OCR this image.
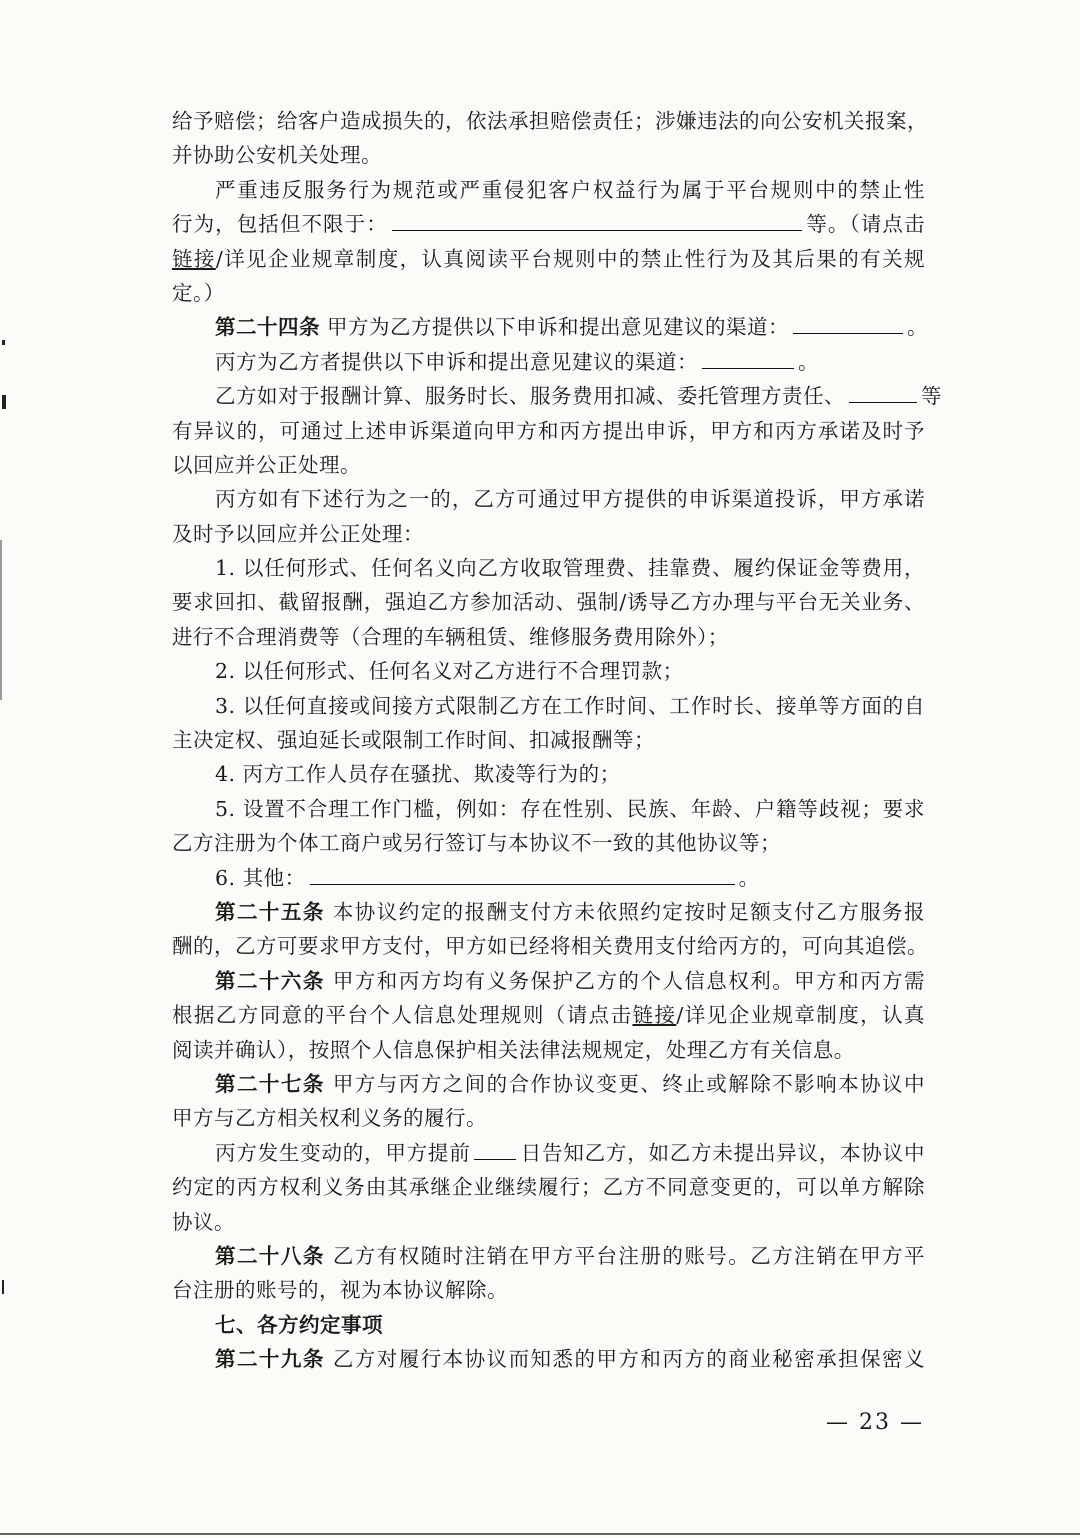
给予赔偿；给客户造成损失的，依法承担赔偿责任；涉嫌违法的向公安机关报案，
并协助公安机关处理。
严重违反服务行为规范或严重侵犯客户权益行为属于平台规则中的禁止性
行为，包括但不限于：	等。（请点击
链接/详见企业规章制度，认真阅读平台规则中的禁止性行为及其后果的有关规
定。）
第二十四条 甲方为乙方提供以下申诉和提出意见建议的渠道：	。
丙方为乙方者提供以下申诉和提出意见建议的渠道：	。
乙方如对于报酬计算、服务时长、服务费用扣减、委托管理方责任、	等
有异议的，可通过上述申诉渠道向甲方和丙方提出申诉，甲方和丙方承诺及时予
以回应并公正处理。
丙方如有下述行为之一的，乙方可通过甲方提供的申诉渠道投诉，甲方承诺
及时予以回应并公正处理：
1. 以任何形式、任何名义向乙方收取管理费、挂靠费、履约保证金等费用，
要求回扣、截留报酬，强迫乙方参加活动、强制/诱导乙方办理与平台无关业务、
进行不合理消费等（合理的车辆租赁、维修服务费用除外）；
2. 以任何形式、任何名义对乙方进行不合理罚款；
3. 以任何直接或间接方式限制乙方在工作时间、工作时长、接单等方面的自
主决定权、强迫延长或限制工作时间、扣减报酬等；
4. 丙方工作人员存在骚扰、欺凌等行为的；
5. 设置不合理工作门槛，例如：存在性别、民族、年龄、户籍等歧视；要求
乙方注册为个体工商户或另行签订与本协议不一致的其他协议等；
6. 其他：	。
第二十五条 本协议约定的报酬支付方未依照约定按时足额支付乙方服务报
酬的，乙方可要求甲方支付，甲方如已经将相关费用支付给丙方的，可向其追偿。
第二十六条 甲方和丙方均有义务保护乙方的个人信息权利。甲方和丙方需
根据乙方同意的平台个人信息处理规则（请点击链接/详见企业规章制度，认真
阅读并确认），按照个人信息保护相关法律法规规定，处理乙方有关信息。
第二十七条 甲方与丙方之间的合作协议变更、终止或解除不影响本协议中
甲方与乙方相关权利义务的履行。
丙方发生变动的，甲方提前 日告知乙方，如乙方未提出异议，本协议中
约定的丙方权利义务由其承继企业继续履行；乙方不同意变更的，可以单方解除
协议。
第二十八条 乙方有权随时注销在甲方平台注册的账号。乙方注销在甲方平
台注册的账号的，视为本协议解除。
七、各方约定事项
第二十九条 乙方对履行本协议而知悉的甲方和丙方的商业秘密承担保密义
— 23 —
